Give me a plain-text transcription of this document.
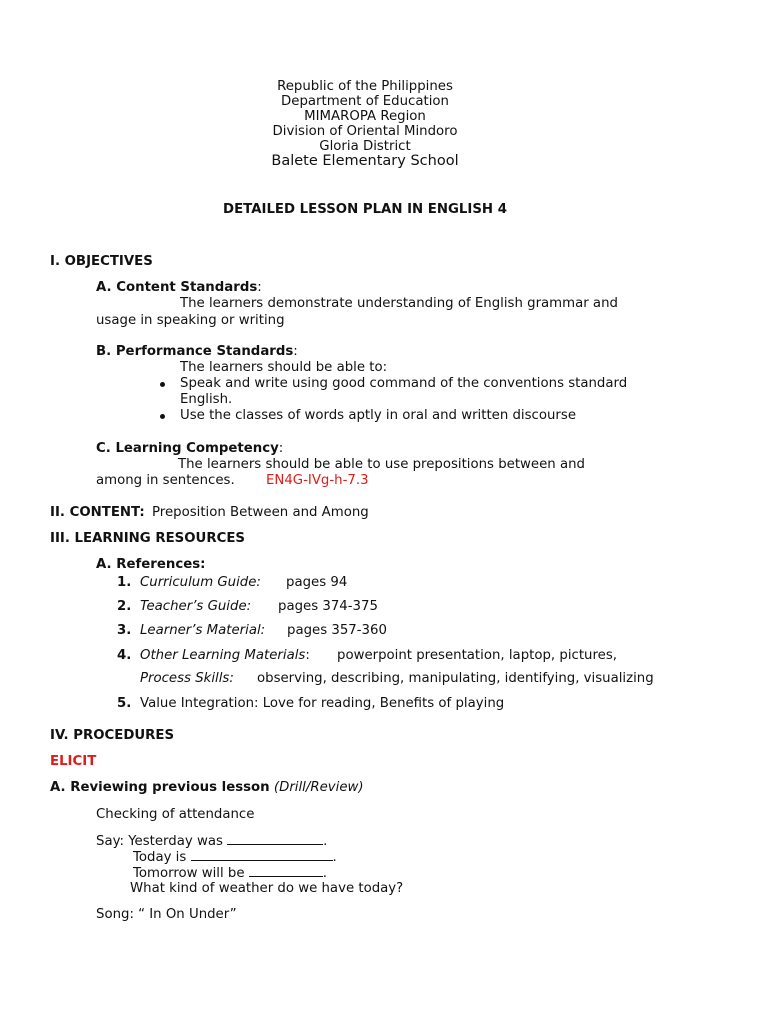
Republic of the Philippines
Department of Education
MIMAROPA Region
Division of Oriental Mindoro
Gloria District
Balete Elementary School
DETAILED LESSON PLAN IN ENGLISH 4
I. OBJECTIVES
A. Content Standards:
The learners demonstrate understanding of English grammar and
usage in speaking or writing
B. Performance Standards:
The learners should be able to:
Speak and write using good command of the conventions standard
English.
Use the classes of words aptly in oral and written discourse
C. Learning Competency:
The learners should be able to use prepositions between and
among in sentences. EN4G-IVg-h-7.3
II. CONTENT: Preposition Between and Among
III. LEARNING RESOURCES
A. References:
1. Curriculum Guide: pages 94
2. Teacher’s Guide: pages 374-375
3. Learner’s Material: pages 357-360
4. Other Learning Materials: powerpoint presentation, laptop, pictures,
Process Skills: observing, describing, manipulating, identifying, visualizing
5. Value Integration: Love for reading, Benefits of playing
IV. PROCEDURES
ELICIT
A. Reviewing previous lesson (Drill/Review)
Checking of attendance
Say: Yesterday was	.
Today is	.
Tomorrow will be	.
What kind of weather do we have today?
Song: “ In On Under”
